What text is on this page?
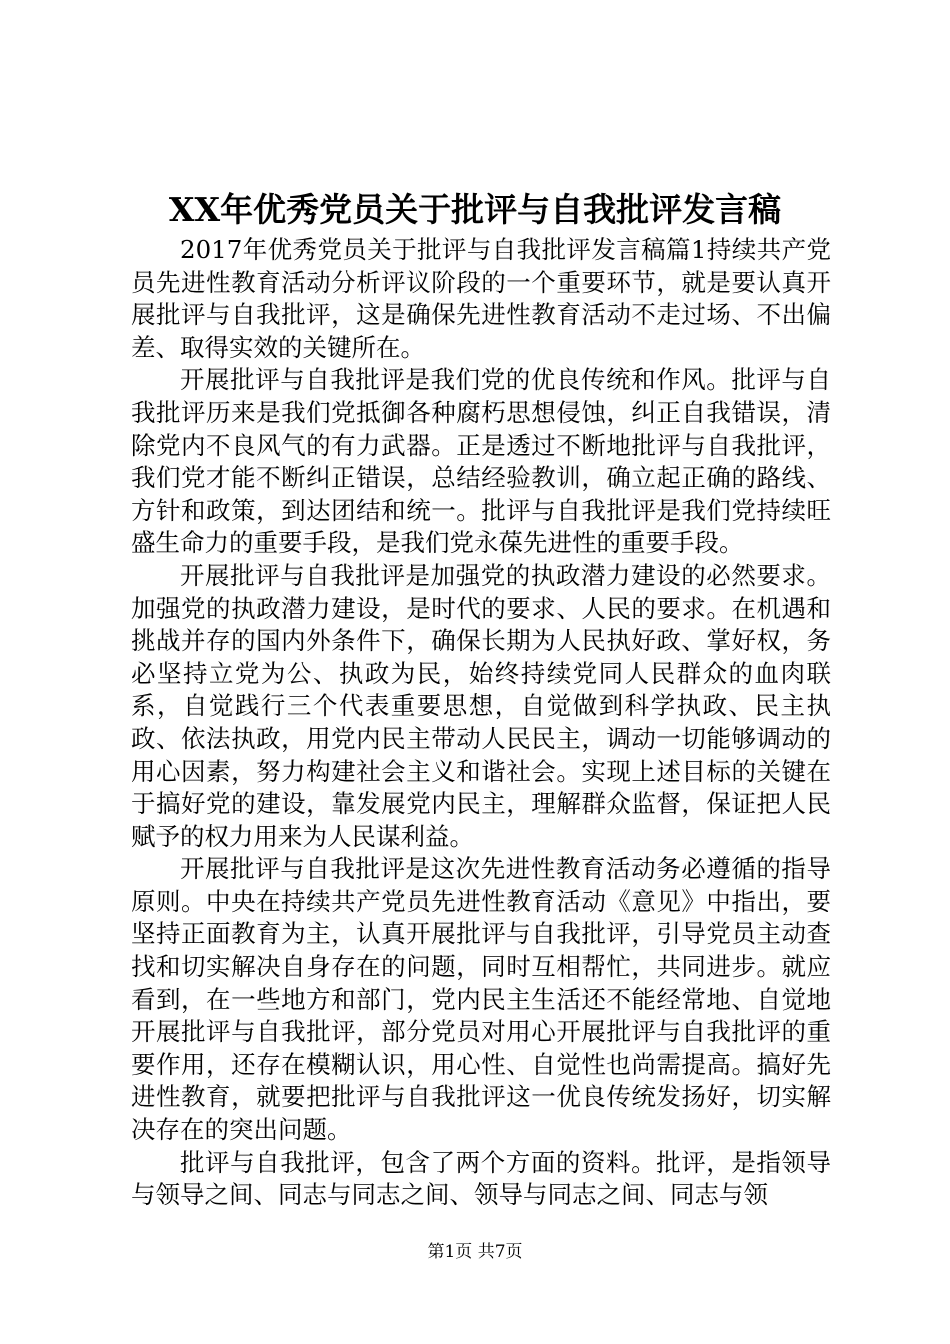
XX年优秀党员关于批评与自我批评发言稿

2017年优秀党员关于批评与自我批评发言稿篇1持续共产党员先进性教育活动分析评议阶段的一个重要环节，就是要认真开展批评与自我批评，这是确保先进性教育活动不走过场、不出偏差、取得实效的关键所在。

开展批评与自我批评是我们党的优良传统和作风。批评与自我批评历来是我们党抵御各种腐朽思想侵蚀，纠正自我错误，清除党内不良风气的有力武器。正是透过不断地批评与自我批评，我们党才能不断纠正错误，总结经验教训，确立起正确的路线、方针和政策，到达团结和统一。批评与自我批评是我们党持续旺盛生命力的重要手段，是我们党永葆先进性的重要手段。

开展批评与自我批评是加强党的执政潜力建设的必然要求。加强党的执政潜力建设，是时代的要求、人民的要求。在机遇和挑战并存的国内外条件下，确保长期为人民执好政、掌好权，务必坚持立党为公、执政为民，始终持续党同人民群众的血肉联系，自觉践行三个代表重要思想，自觉做到科学执政、民主执政、依法执政，用党内民主带动人民民主，调动一切能够调动的用心因素，努力构建社会主义和谐社会。实现上述目标的关键在于搞好党的建设，靠发展党内民主，理解群众监督，保证把人民赋予的权力用来为人民谋利益。

开展批评与自我批评是这次先进性教育活动务必遵循的指导原则。中央在持续共产党员先进性教育活动《意见》中指出，要坚持正面教育为主，认真开展批评与自我批评，引导党员主动查找和切实解决自身存在的问题，同时互相帮忙，共同进步。就应看到，在一些地方和部门，党内民主生活还不能经常地、自觉地开展批评与自我批评，部分党员对用心开展批评与自我批评的重要作用，还存在模糊认识，用心性、自觉性也尚需提高。搞好先进性教育，就要把批评与自我批评这一优良传统发扬好，切实解决存在的突出问题。

批评与自我批评，包含了两个方面的资料。批评，是指领导与领导之间、同志与同志之间、领导与同志之间、同志与领

第1页 共7页
